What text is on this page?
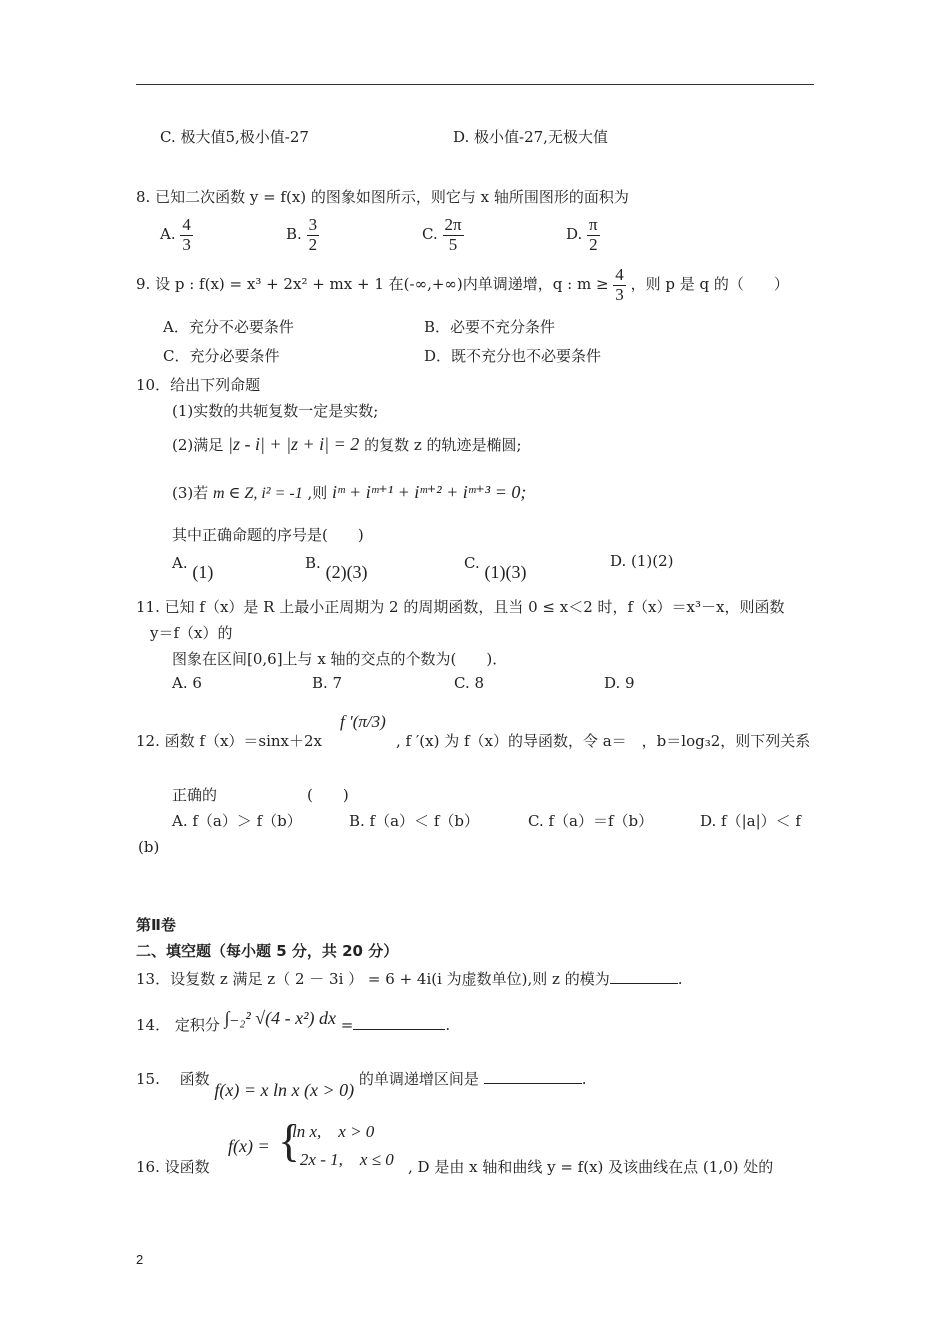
C. 极大值5,极小值-27	D. 极小值-27,无极大值
8. 已知二次函数 y = f(x) 的图象如图所示，则它与 x 轴所围图形的面积为
A. $\frac{4}{3}$	B. $\frac{3}{2}$	C. $\frac{2\pi}{5}$	D. $\frac{\pi}{2}$
9. 设 p : f(x) = x³ + 2x² + mx + 1 在(-∞,+∞)内单调递增，q : $m \ge \frac{4}{3}$ ，则 p 是 q 的（　　）
A．充分不必要条件	B．必要不充分条件
C．充分必要条件	D．既不充分也不必要条件
10．给出下列命题
(1)实数的共轭复数一定是实数;
(2)满足 |z - i| + |z + i| = 2 的复数 z 的轨迹是椭圆;
(3)若 m ∈ Z, i² = -1 ,则 iᵐ + iᵐ⁺¹ + iᵐ⁺² + iᵐ⁺³ = 0;
其中正确命题的序号是(　　)
A. (1)	B. (2)(3)	C. (1)(3)
D. (1)(2)
11. 已知 f（x）是 R 上最小正周期为 2 的周期函数，且当 0 ≤ x＜2 时，f（x）＝x³－x，则函数
y＝f（x）的
图象在区间[0,6]上与 x 轴的交点的个数为(　　)．
A. 6	B. 7	C. 8	D. 9
12. 函数 f（x）＝sinx＋2x
f ′(π/3)
, f ′(x) 为 f（x）的导函数，令 a＝　，b＝log₃2，则下列关系
正确的　　　　　　(　　)
A. f（a）＞ f（b）	B. f（a）＜ f（b）	C. f（a）＝f（b）	D. f（|a|）＜ f
(b)
第Ⅱ卷
二、填空题（每小题 5 分，共 20 分）
13．设复数 z 满足 z（ 2 － 3i ） = 6 + 4i(i 为虚数单位),则 z 的模为	.
14． 定积分 ∫₋₂² √(4 - x²) dx =	.
15.　 函数 f(x) = x ln x (x > 0) 的单调递增区间是	.
16. 设函数
f(x) = {
ln x,　x > 0
- 2x - 1,　x ≤ 0 , D 是由 x 轴和曲线 y = f(x) 及该曲线在点 (1,0) 处的
2
